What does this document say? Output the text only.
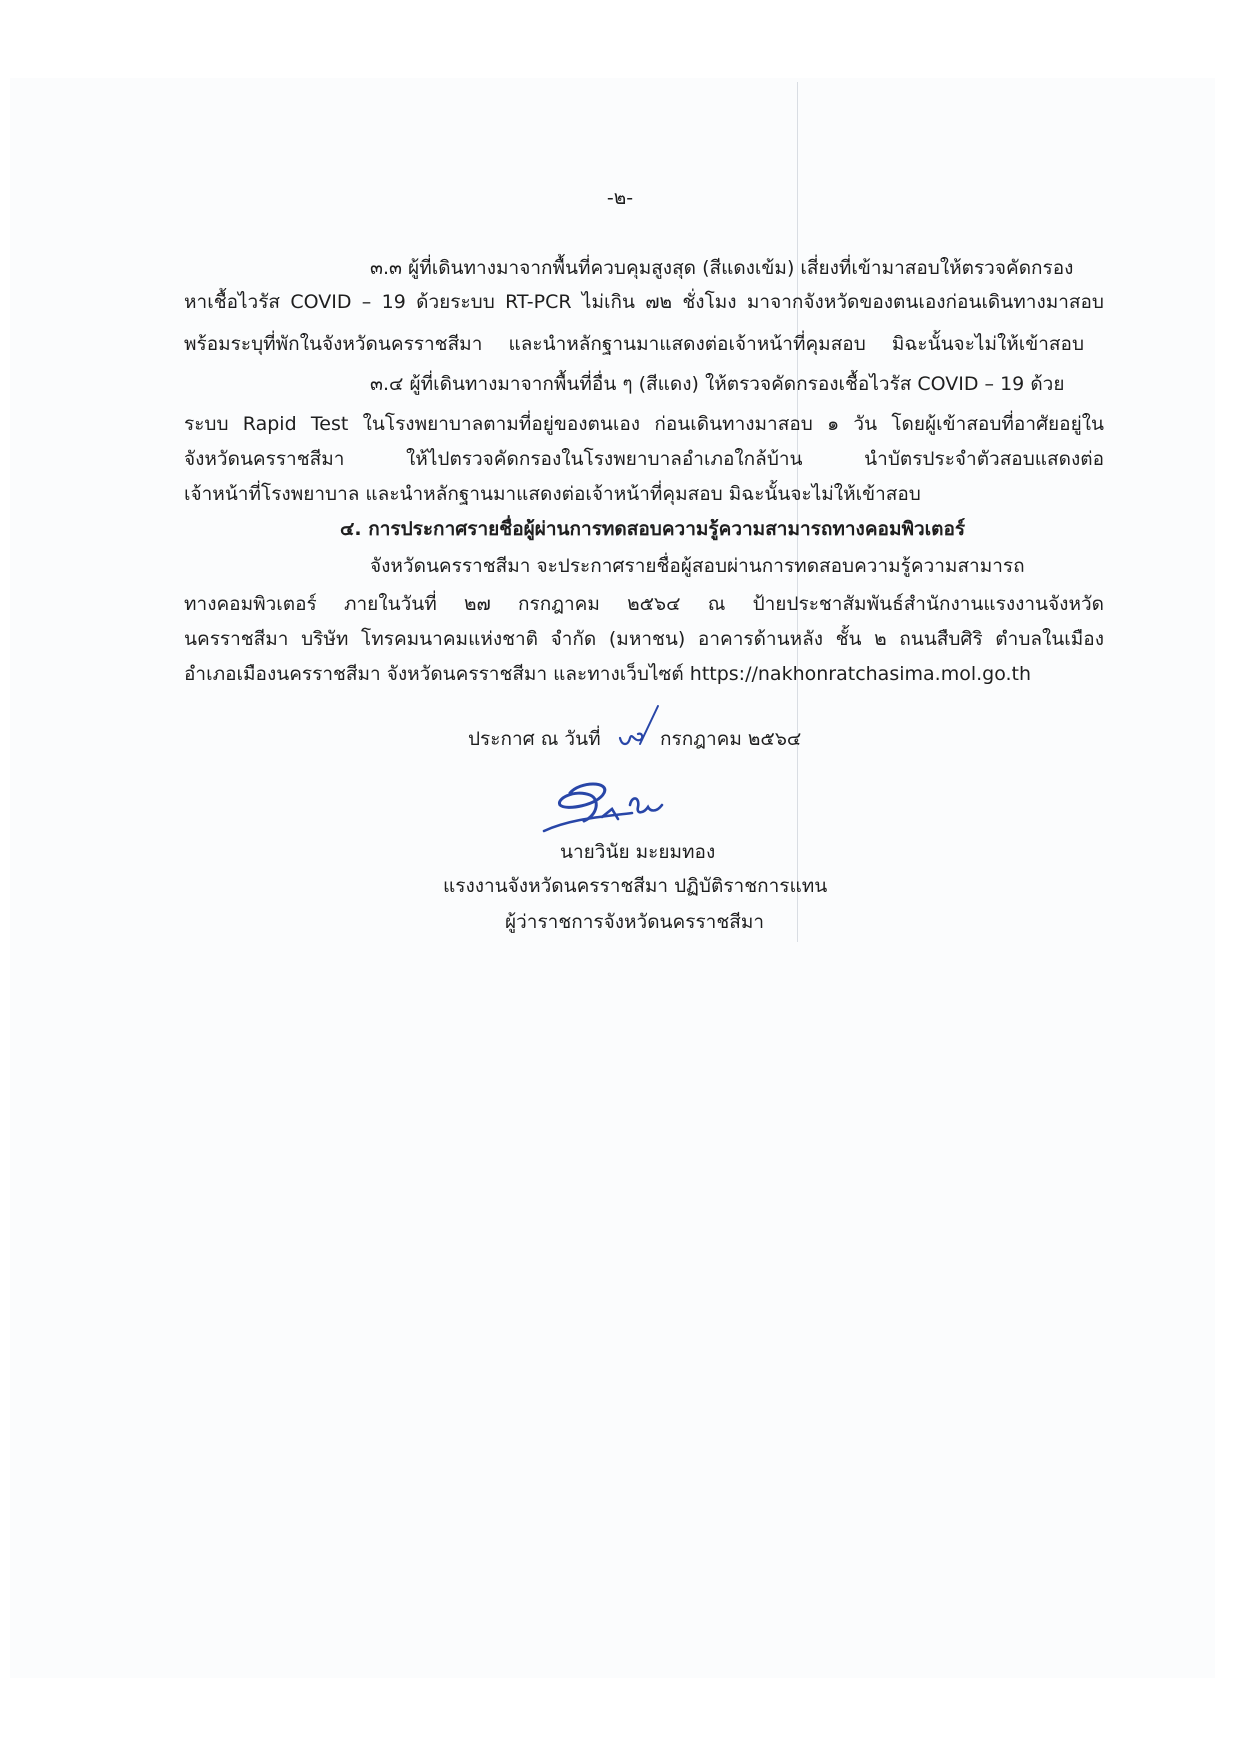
-๒-
๓.๓ ผู้ที่เดินทางมาจากพื้นที่ควบคุมสูงสุด (สีแดงเข้ม) เสี่ยงที่เข้ามาสอบให้ตรวจคัดกรอง
หาเชื้อไวรัส COVID – 19 ด้วยระบบ RT-PCR ไม่เกิน ๗๒ ชั่งโมง มาจากจังหวัดของตนเองก่อนเดินทางมาสอบ
พร้อมระบุที่พักในจังหวัดนครราชสีมา และนำหลักฐานมาแสดงต่อเจ้าหน้าที่คุมสอบ มิฉะนั้นจะไม่ให้เข้าสอบ
๓.๔ ผู้ที่เดินทางมาจากพื้นที่อื่น ๆ (สีแดง) ให้ตรวจคัดกรองเชื้อไวรัส COVID – 19 ด้วย
ระบบ Rapid Test ในโรงพยาบาลตามที่อยู่ของตนเอง ก่อนเดินทางมาสอบ ๑ วัน โดยผู้เข้าสอบที่อาศัยอยู่ใน
จังหวัดนครราชสีมา ให้ไปตรวจคัดกรองในโรงพยาบาลอำเภอใกล้บ้าน นำบัตรประจำตัวสอบแสดงต่อ
เจ้าหน้าที่โรงพยาบาล และนำหลักฐานมาแสดงต่อเจ้าหน้าที่คุมสอบ มิฉะนั้นจะไม่ให้เข้าสอบ
๔. การประกาศรายชื่อผู้ผ่านการทดสอบความรู้ความสามารถทางคอมพิวเตอร์
จังหวัดนครราชสีมา จะประกาศรายชื่อผู้สอบผ่านการทดสอบความรู้ความสามารถ
ทางคอมพิวเตอร์ ภายในวันที่ ๒๗ กรกฎาคม ๒๕๖๔ ณ ป้ายประชาสัมพันธ์สำนักงานแรงงานจังหวัด
นครราชสีมา บริษัท โทรคมนาคมแห่งชาติ จำกัด (มหาชน) อาคารด้านหลัง ชั้น ๒ ถนนสืบศิริ ตำบลในเมือง
อำเภอเมืองนครราชสีมา จังหวัดนครราชสีมา และทางเว็บไซต์ https://nakhonratchasima.mol.go.th
ประกาศ ณ วันที่	กรกฎาคม ๒๕๖๔
นายวินัย มะยมทอง
แรงงานจังหวัดนครราชสีมา ปฏิบัติราชการแทน
ผู้ว่าราชการจังหวัดนครราชสีมา
